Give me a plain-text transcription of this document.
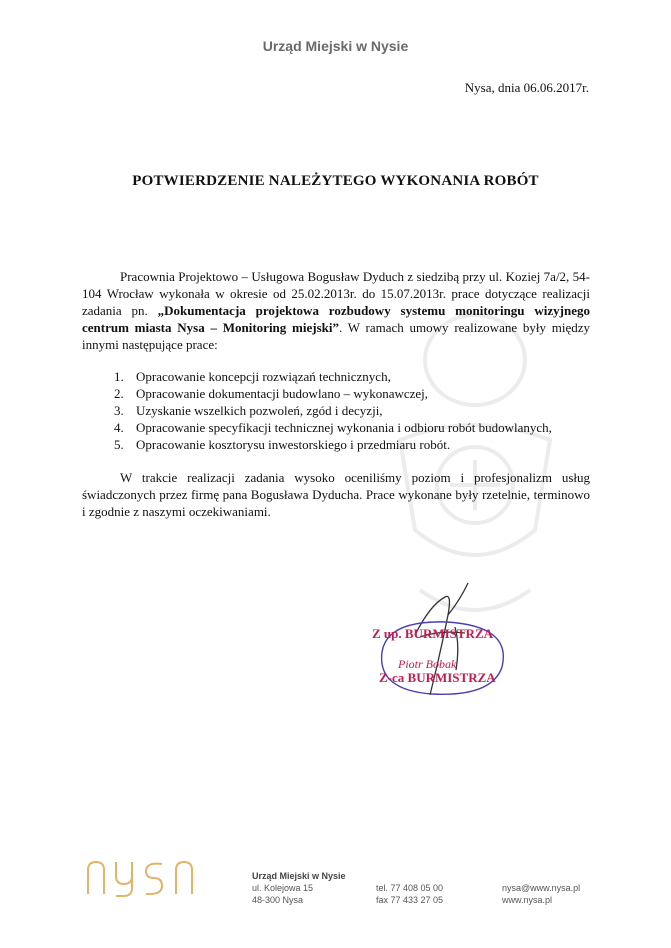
Urząd Miejski w Nysie
Nysa, dnia 06.06.2017r.
POTWIERDZENIE NALEŻYTEGO WYKONANIA ROBÓT

Pracownia Projektowo – Usługowa Bogusław Dyduch z siedzibą przy ul. Koziej 7a/2, 54-104 Wrocław wykonała w okresie od 25.02.2013r. do 15.07.2013r. prace dotyczące realizacji zadania pn. „Dokumentacja projektowa rozbudowy systemu monitoringu wizyjnego centrum miasta Nysa – Monitoring miejski”. W ramach umowy realizowane były między innymi następujące prace:

1. Opracowanie koncepcji rozwiązań technicznych,
2. Opracowanie dokumentacji budowlano – wykonawczej,
3. Uzyskanie wszelkich pozwoleń, zgód i decyzji,
4. Opracowanie specyfikacji technicznej wykonania i odbioru robót budowlanych,
5. Opracowanie kosztorysu inwestorskiego i przedmiaru robót.

W trakcie realizacji zadania wysoko oceniliśmy poziom i profesjonalizm usług świadczonych przez firmę pana Bogusława Dyducha. Prace wykonane były rzetelnie, terminowo i zgodnie z naszymi oczekiwaniami.

Z up. BURMISTRZA
Piotr Bobak
Z-ca BURMISTRZA
Urząd Miejski w Nysie
ul. Kolejowa 15
48-300 Nysa
tel. 77 408 05 00
fax 77 433 27 05
nysa@www.nysa.pl
www.nysa.pl
